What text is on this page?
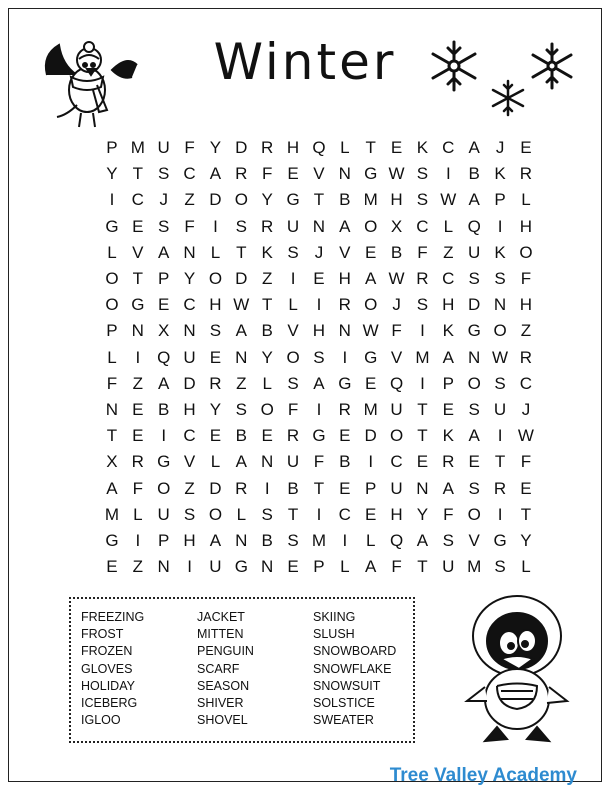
Winter
P M U F Y D R H Q L T E K C A J E
Y T S C A R F E V N G W S	I	B K R
I	C J Z D O Y G T B M H S W A P L
G E S F	I	S R U N A O X C L Q I	H
L V A N L T K S J V E B F Z U K O
O T P Y O D Z	I	E H A W R C S S F
O G E C H W T L	I	R O J S H D N H
P N X N S A B V H N W F	I	K G O Z
L	I Q U E N Y O S	I G V M A N W R
F Z A D R Z L S A G E Q I	P O S C
N E B H Y S O F	I	R M U T E S U J
T E	I	C E B E R G E D O T K A	I W
X R G V L A N U F B	I	C E R E T F
A F O Z D R	I	B T E P U N A S R E
M L U S O L S T	I	C E H Y F O I	T
G I	P H A N B S M I	L Q A S V G Y
E Z N	I	U G N E P L A F T U M S L
FREEZING
FROST
FROZEN
GLOVES
HOLIDAY
ICEBERG
IGLOO
JACKET
MITTEN
PENGUIN
SCARF
SEASON
SHIVER
SHOVEL
SKIING
SLUSH
SNOWBOARD
SNOWFLAKE
SNOWSUIT
SOLSTICE
SWEATER
Tree Valley Academy
